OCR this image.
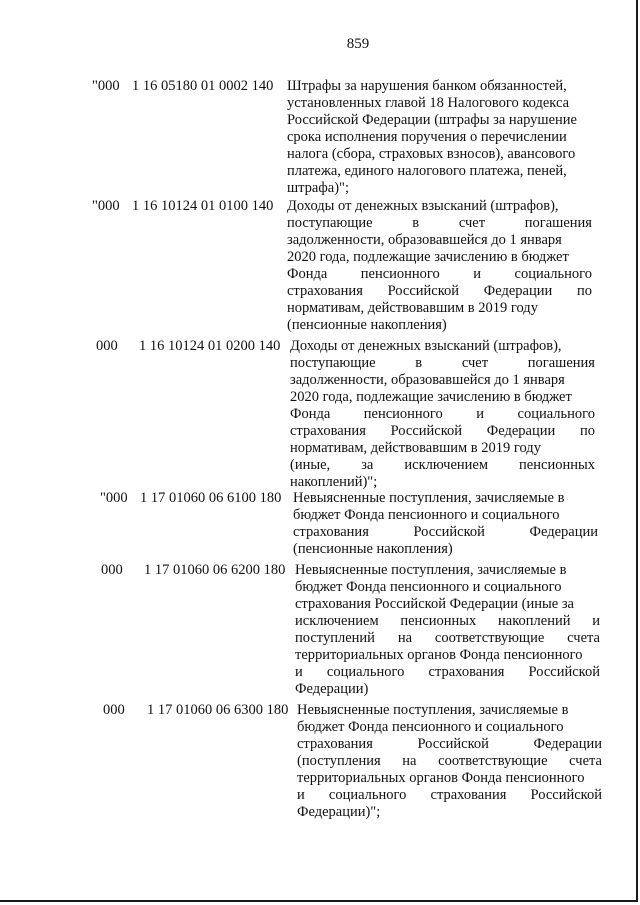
859
"000 1 16 05180 01 0002 140 Штрафы за нарушения банком обязанностей,
установленных главой 18 Налогового кодекса
Российской Федерации (штрафы за нарушение
срока исполнения поручения о перечислении
налога (сбора, страховых взносов), авансового
платежа, единого налогового платежа, пеней,
штрафа)";
"000 1 16 10124 01 0100 140 Доходы от денежных взысканий (штрафов),
поступающие	в	счет	погашения
задолженности, образовавшейся до 1 января
2020 года, подлежащие зачислению в бюджет
Фонда пенсионного и социального
страхования Российской Федерации по
нормативам, действовавшим в 2019 году
(пенсионные накопления)
000 1 16 10124 01 0200 140 Доходы от денежных взысканий (штрафов),
поступающие	в	счет	погашения
задолженности, образовавшейся до 1 января
2020 года, подлежащие зачислению в бюджет
Фонда пенсионного и социального
страхования Российской Федерации по
нормативам, действовавшим в 2019 году
(иные, за исключением пенсионных
накоплений)";
"000 1 17 01060 06 6100 180 Невыясненные поступления, зачисляемые в
бюджет Фонда пенсионного и социального
страхования	Российской	Федерации
(пенсионные накопления)
000 1 17 01060 06 6200 180 Невыясненные поступления, зачисляемые в
бюджет Фонда пенсионного и социального
страхования Российской Федерации (иные за
исключением пенсионных накоплений и
поступлений на соответствующие счета
территориальных органов Фонда пенсионного
и социального страхования Российской
Федерации)
000 1 17 01060 06 6300 180 Невыясненные поступления, зачисляемые в
бюджет Фонда пенсионного и социального
страхования	Российской	Федерации
(поступления на соответствующие счета
территориальных органов Фонда пенсионного
и социального страхования Российской
Федерации)";
